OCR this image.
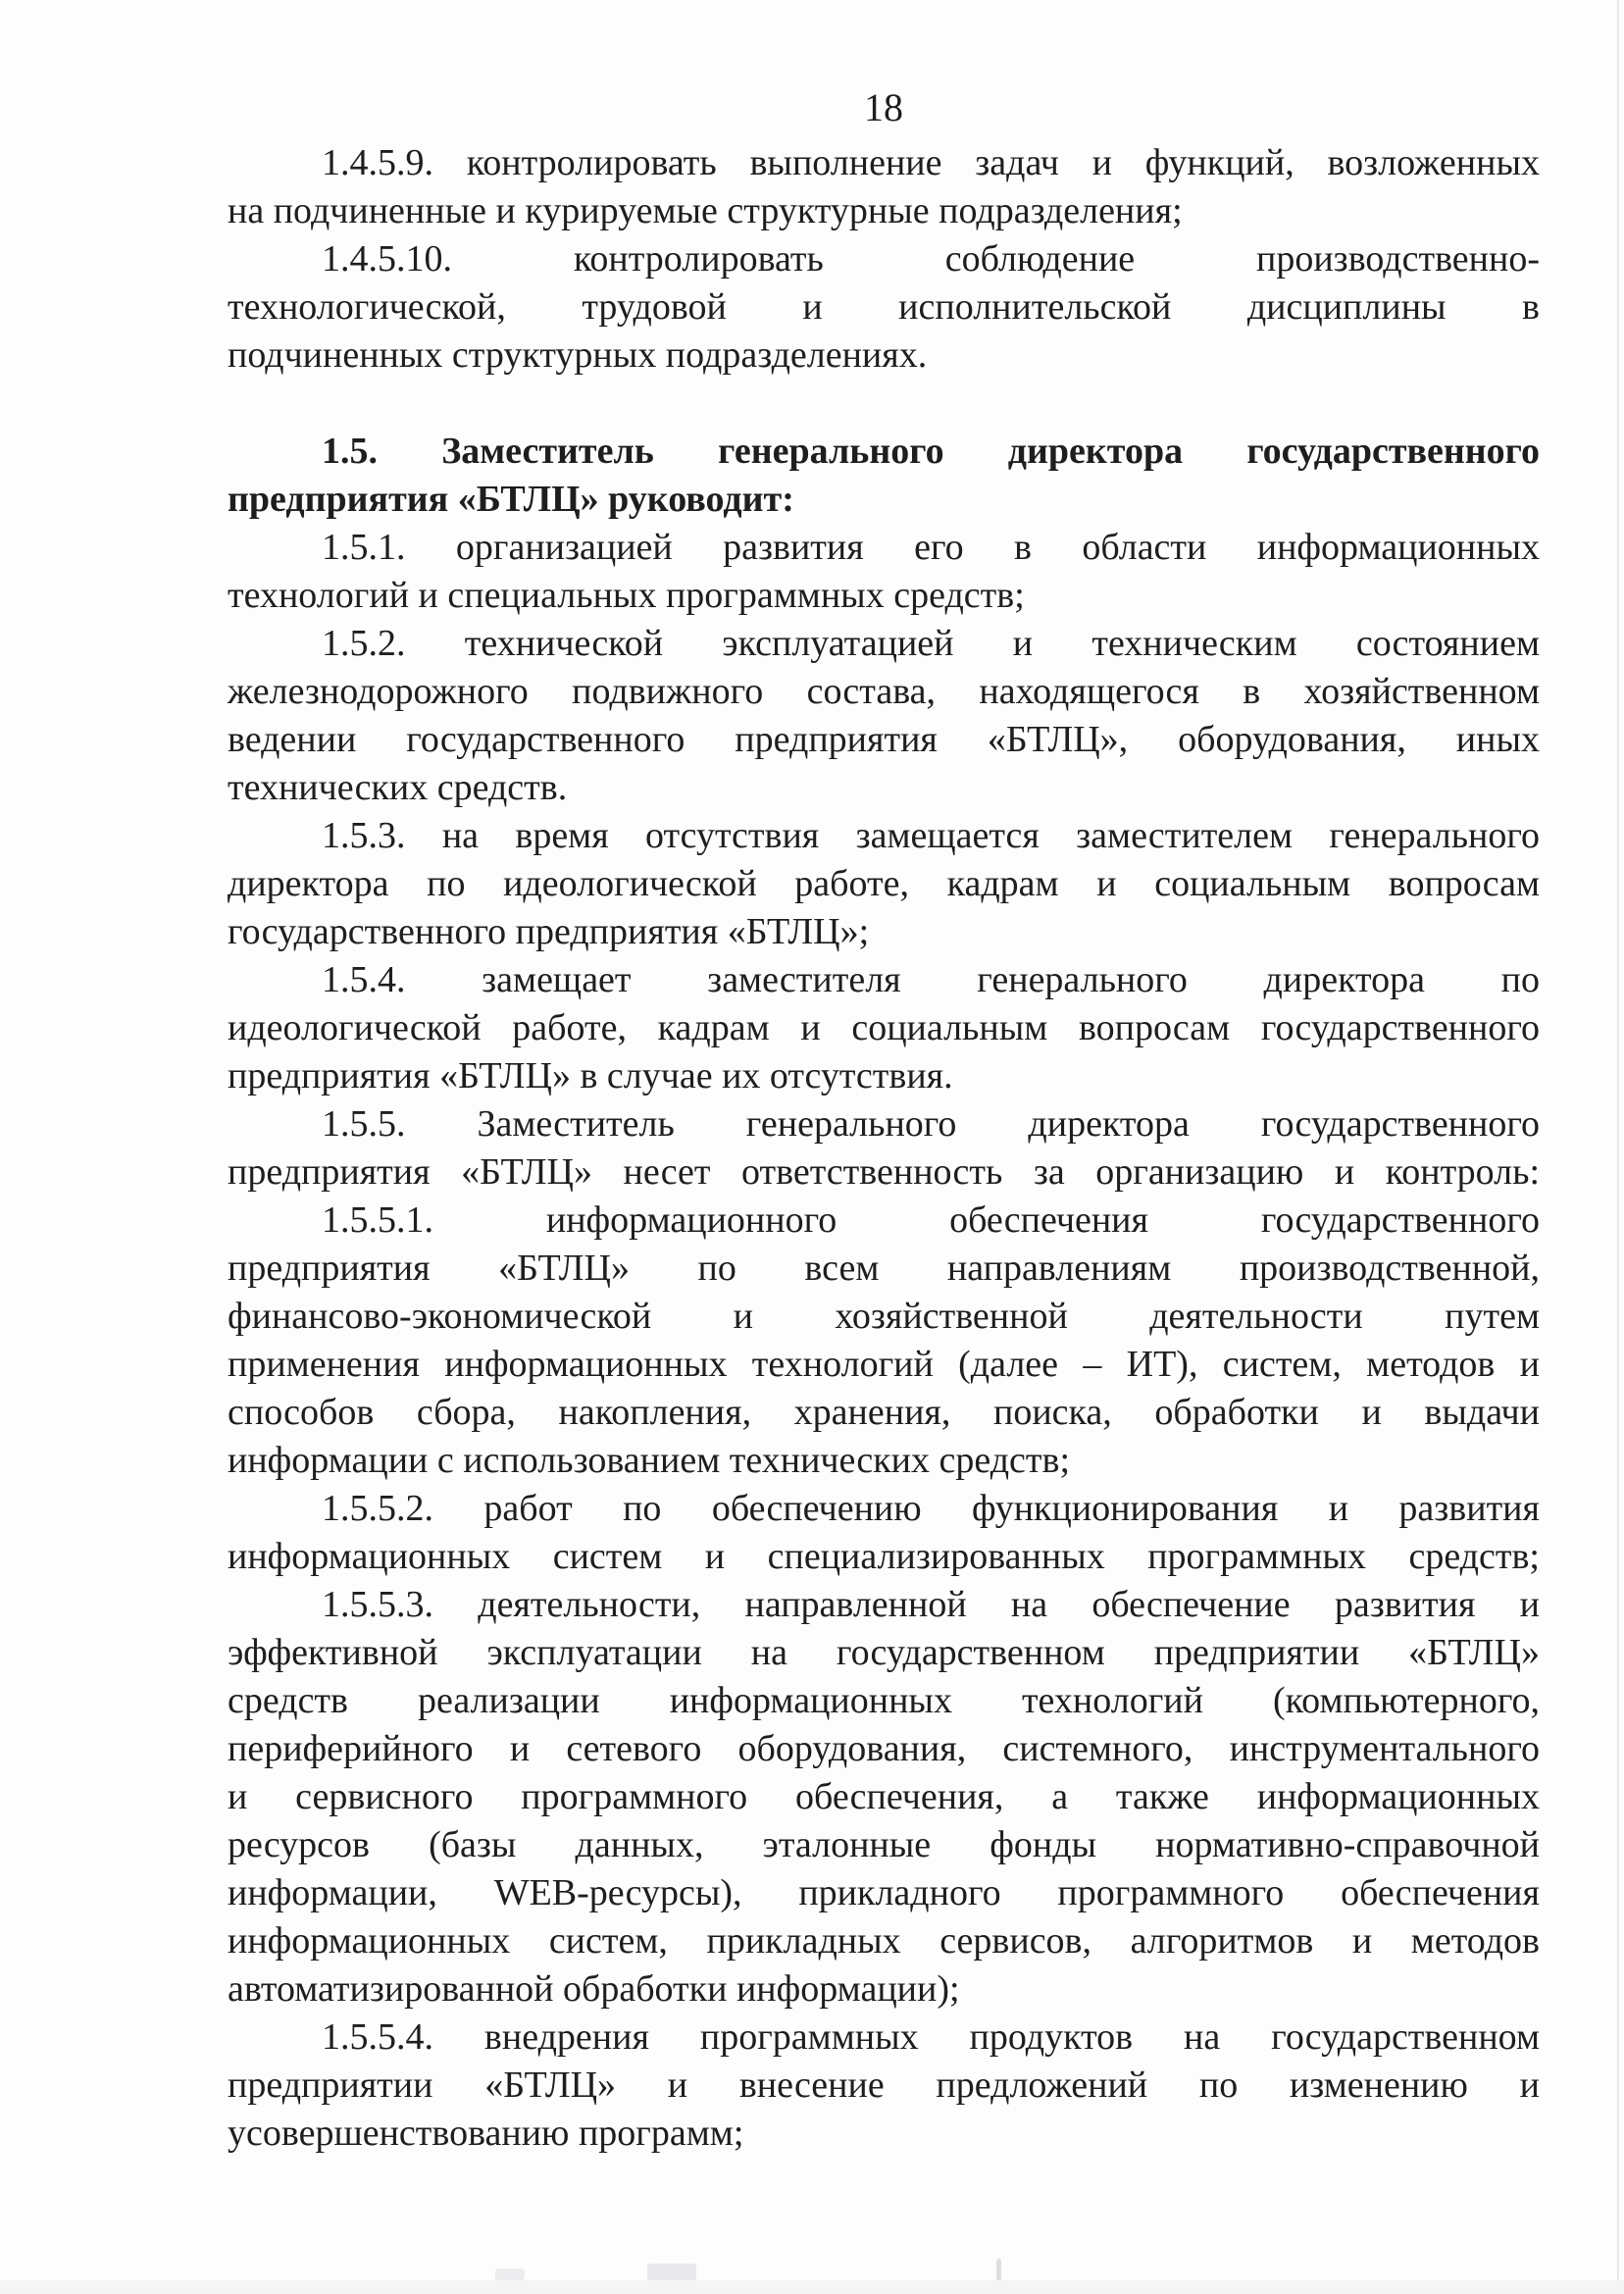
18
1.4.5.9. контролировать выполнение задач и функций, возложенных
на подчиненные и курируемые структурные подразделения;
1.4.5.10. контролировать соблюдение производственно-
технологической, трудовой и исполнительской дисциплины в
подчиненных структурных подразделениях.
1.5. Заместитель генерального директора государственного
предприятия «БТЛЦ» руководит:
1.5.1. организацией развития его в области информационных
технологий и специальных программных средств;
1.5.2. технической эксплуатацией и техническим состоянием
железнодорожного подвижного состава, находящегося в хозяйственном
ведении государственного предприятия «БТЛЦ», оборудования, иных
технических средств.
1.5.3. на время отсутствия замещается заместителем генерального
директора по идеологической работе, кадрам и социальным вопросам
государственного предприятия «БТЛЦ»;
1.5.4. замещает заместителя генерального директора по
идеологической работе, кадрам и социальным вопросам государственного
предприятия «БТЛЦ» в случае их отсутствия.
1.5.5. Заместитель генерального директора государственного
предприятия «БТЛЦ» несет ответственность за организацию и контроль:
1.5.5.1. информационного обеспечения государственного
предприятия «БТЛЦ» по всем направлениям производственной,
финансово-экономической и хозяйственной деятельности путем
применения информационных технологий (далее – ИТ), систем, методов и
способов сбора, накопления, хранения, поиска, обработки и выдачи
информации с использованием технических средств;
1.5.5.2. работ по обеспечению функционирования и развития
информационных систем и специализированных программных средств;
1.5.5.3. деятельности, направленной на обеспечение развития и
эффективной эксплуатации на государственном предприятии «БТЛЦ»
средств реализации информационных технологий (компьютерного,
периферийного и сетевого оборудования, системного, инструментального
и сервисного программного обеспечения, а также информационных
ресурсов (базы данных, эталонные фонды нормативно-справочной
информации, WEB-ресурсы), прикладного программного обеспечения
информационных систем, прикладных сервисов, алгоритмов и методов
автоматизированной обработки информации);
1.5.5.4. внедрения программных продуктов на государственном
предприятии «БТЛЦ» и внесение предложений по изменению и
усовершенствованию программ;
